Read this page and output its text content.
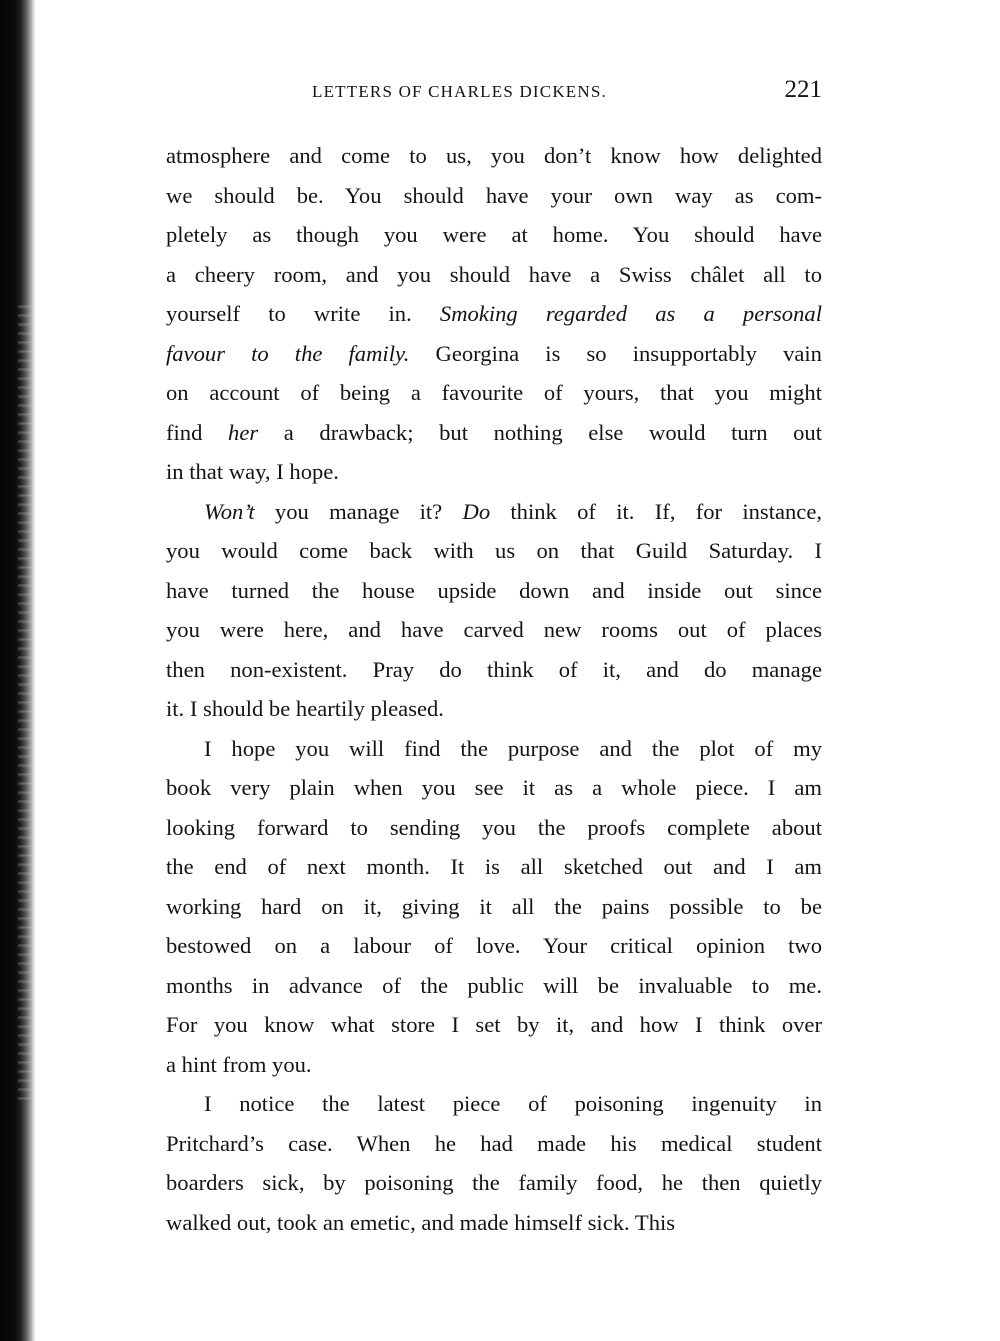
LETTERS OF CHARLES DICKENS.	221
atmosphere and come to us, you don’t know how delighted
we should be. You should have your own way as com-
pletely as though you were at home. You should have
a cheery room, and you should have a Swiss châlet all to
yourself to write in. Smoking regarded as a personal
favour to the family. Georgina is so insupportably vain
on account of being a favourite of yours, that you might
find her a drawback; but nothing else would turn out
in that way, I hope.
Won’t you manage it? Do think of it. If, for instance,
you would come back with us on that Guild Saturday. I
have turned the house upside down and inside out since
you were here, and have carved new rooms out of places
then non-existent. Pray do think of it, and do manage
it. I should be heartily pleased.
I hope you will find the purpose and the plot of my
book very plain when you see it as a whole piece. I am
looking forward to sending you the proofs complete about
the end of next month. It is all sketched out and I am
working hard on it, giving it all the pains possible to be
bestowed on a labour of love. Your critical opinion two
months in advance of the public will be invaluable to me.
For you know what store I set by it, and how I think over
a hint from you.
I notice the latest piece of poisoning ingenuity in
Pritchard’s case. When he had made his medical student
boarders sick, by poisoning the family food, he then quietly
walked out, took an emetic, and made himself sick. This
